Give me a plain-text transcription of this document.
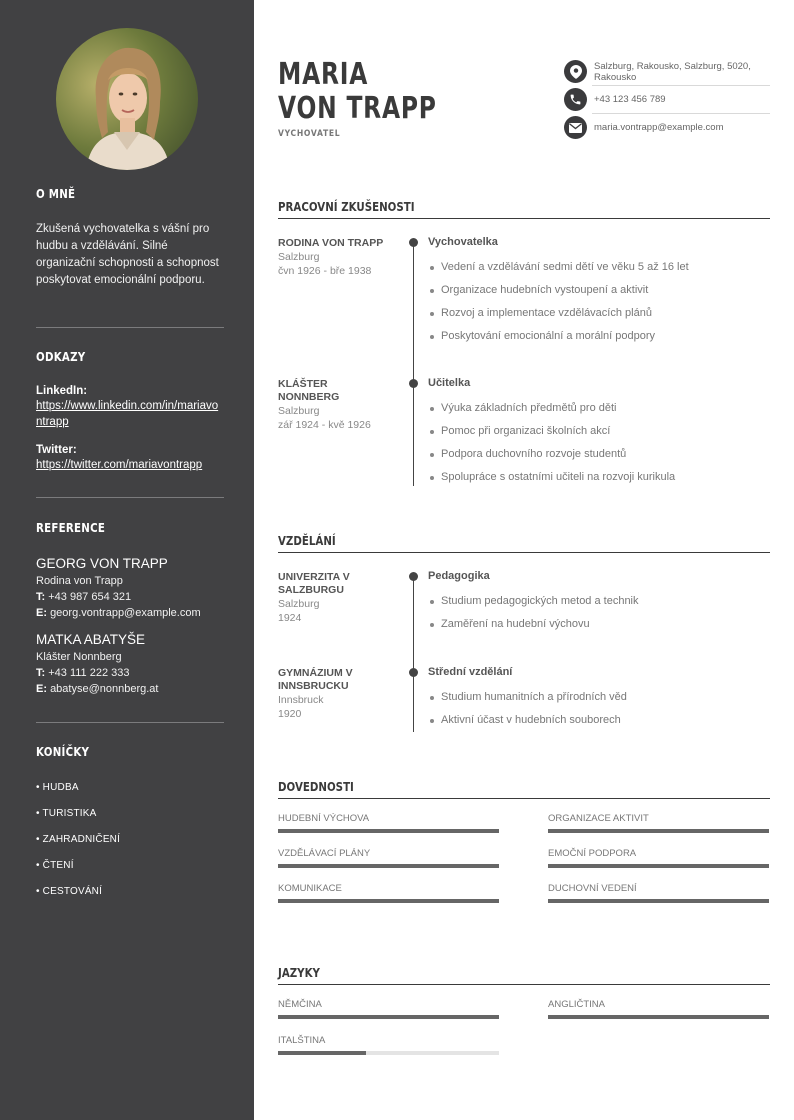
O MNĚ
Zkušená vychovatelka s vášní pro hudbu a vzdělávání. Silné organizační schopnosti a schopnost poskytovat emocionální podporu.
ODKAZY
LinkedIn:
https://www.linkedin.com/in/mariavontrapp
Twitter:
https://twitter.com/mariavontrapp
REFERENCE
GEORG VON TRAPP
Rodina von Trapp
T: +43 987 654 321
E: georg.vontrapp@example.com
MATKA ABATYŠE
Klášter Nonnberg
T: +43 111 222 333
E: abatyse@nonnberg.at
KONÍČKY
• HUDBA
• TURISTIKA
• ZAHRADNIČENÍ
• ČTENÍ
• CESTOVÁNÍ
MARIA
VON TRAPP
VYCHOVATEL
Salzburg, Rakousko, Salzburg, 5020, Rakousko
+43 123 456 789
maria.vontrapp@example.com
PRACOVNÍ ZKUŠENOSTI
RODINA VON TRAPP
Salzburg
čvn 1926 - bře 1938
Vychovatelka
Vedení a vzdělávání sedmi dětí ve věku 5 až 16 let
Organizace hudebních vystoupení a aktivit
Rozvoj a implementace vzdělávacích plánů
Poskytování emocionální a morální podpory
KLÁŠTER NONNBERG
Salzburg
zář 1924 - kvě 1926
Učitelka
Výuka základních předmětů pro děti
Pomoc při organizaci školních akcí
Podpora duchovního rozvoje studentů
Spolupráce s ostatními učiteli na rozvoji kurikula
VZDĚLÁNÍ
UNIVERZITA V SALZBURGU
Salzburg
1924
Pedagogika
Studium pedagogických metod a technik
Zaměření na hudební výchovu
GYMNÁZIUM V INNSBRUCKU
Innsbruck
1920
Střední vzdělání
Studium humanitních a přírodních věd
Aktivní účast v hudebních souborech
DOVEDNOSTI
HUDEBNÍ VÝCHOVA	ORGANIZACE AKTIVIT
VZDĚLÁVACÍ PLÁNY	EMOČNÍ PODPORA
KOMUNIKACE	DUCHOVNÍ VEDENÍ
JAZYKY
NĚMČINA	ANGLIČTINA
ITALŠTINA
